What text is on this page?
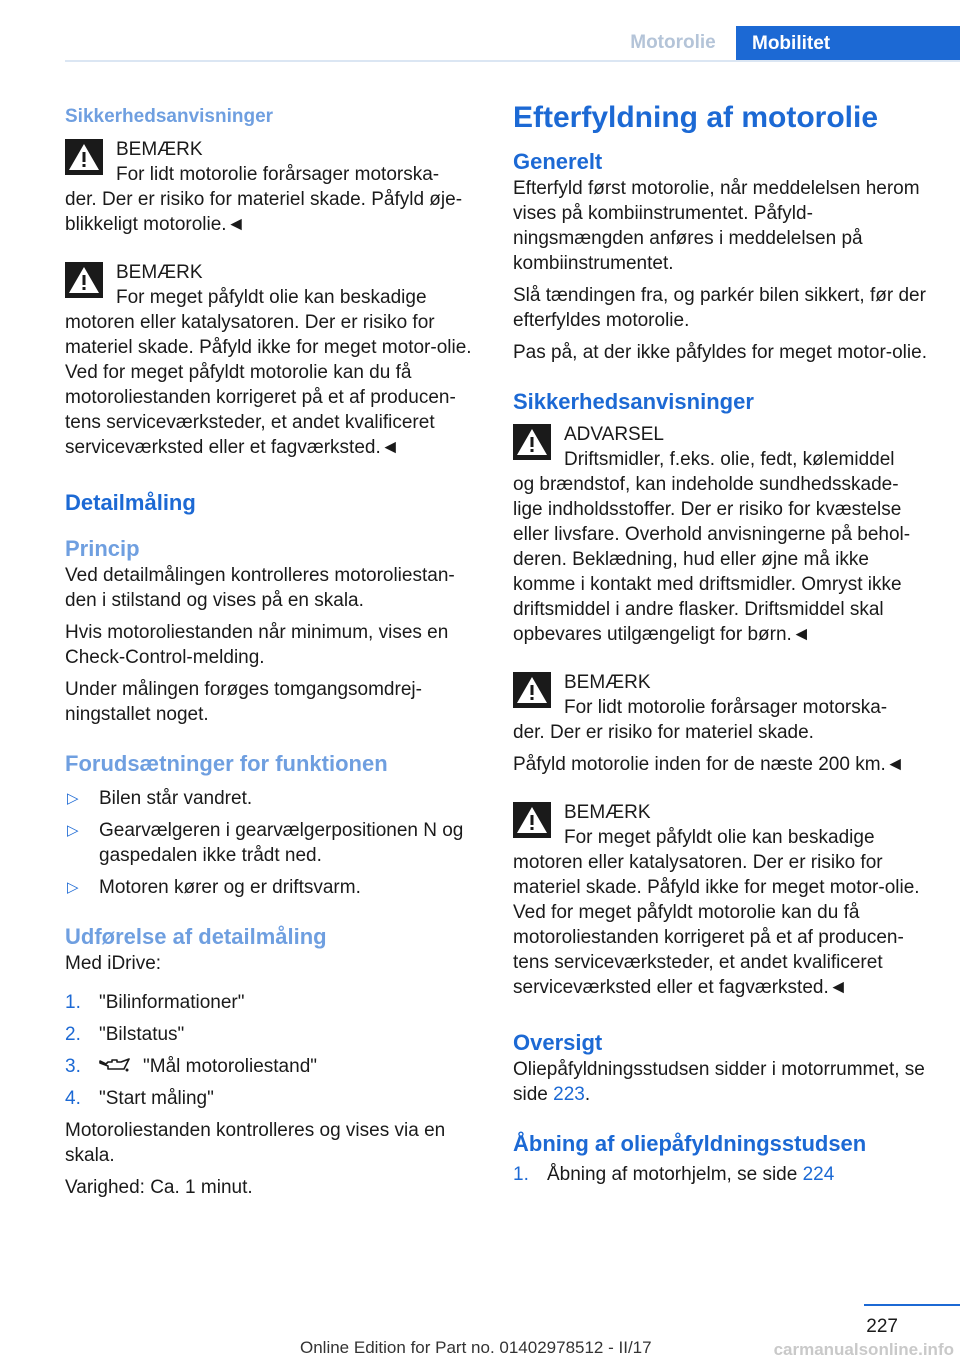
Motorolie	Mobilitet
Sikkerhedsanvisninger
BEMÆRK
For lidt motorolie forårsager motorska-
der. Der er risiko for materiel skade. Påfyld øje-blikkeligt motorolie.◄
BEMÆRK
For meget påfyldt olie kan beskadige
motoren eller katalysatoren. Der er risiko for materiel skade. Påfyld ikke for meget motor-olie. Ved for meget påfyldt motorolie kan du få motoroliestanden korrigeret på et af producen-tens serviceværksteder, et andet kvalificeret serviceværksted eller et fagværksted.◄
Detailmåling
Princip

Ved detailmålingen kontrolleres motoroliestan-den i stilstand og vises på en skala.

Hvis motoroliestanden når minimum, vises en Check-Control-melding.

Under målingen forøges tomgangsomdrej-ningstallet noget.

Forudsætninger for funktionen
▷ Bilen står vandret.
▷ Gearvælgeren i gearvælgerpositionen N og gaspedalen ikke trådt ned.
▷ Motoren kører og er driftsvarm.
Udførelse af detailmåling

Med iDrive:

1. "Bilinformationer"
2. "Bilstatus"
3.	"Mål motoroliestand"
4. "Start måling"

Motoroliestanden kontrolleres og vises via en skala.

Varighed: Ca. 1 minut.

Efterfyldning af motorolie
Generelt

Efterfyld først motorolie, når meddelelsen herom vises på kombiinstrumentet. Påfyld-ningsmængden anføres i meddelelsen på kombiinstrumentet.

Slå tændingen fra, og parkér bilen sikkert, før der efterfyldes motorolie.

Pas på, at der ikke påfyldes for meget motor-olie.

Sikkerhedsanvisninger
ADVARSEL
Driftsmidler, f.eks. olie, fedt, kølemiddel
og brændstof, kan indeholde sundhedsskade-lige indholdsstoffer. Der er risiko for kvæstelse eller livsfare. Overhold anvisningerne på behol-deren. Beklædning, hud eller øjne må ikke komme i kontakt med driftsmidler. Omryst ikke driftsmiddel i andre flasker. Driftsmiddel skal opbevares utilgængeligt for børn.◄
BEMÆRK
For lidt motorolie forårsager motorska-
der. Der er risiko for materiel skade.

Påfyld motorolie inden for de næste 200 km.◄

BEMÆRK
For meget påfyldt olie kan beskadige
motoren eller katalysatoren. Der er risiko for materiel skade. Påfyld ikke for meget motor-olie. Ved for meget påfyldt motorolie kan du få motoroliestanden korrigeret på et af producen-tens serviceværksteder, et andet kvalificeret serviceværksted eller et fagværksted.◄
Oversigt

Oliepåfyldningsstudsen sidder i motorrummet, se side 223.

Åbning af oliepåfyldningsstudsen
1. Åbning af motorhjelm, se side 224
227
Online Edition for Part no. 01402978512 - II/17	carmanualsonline.info
